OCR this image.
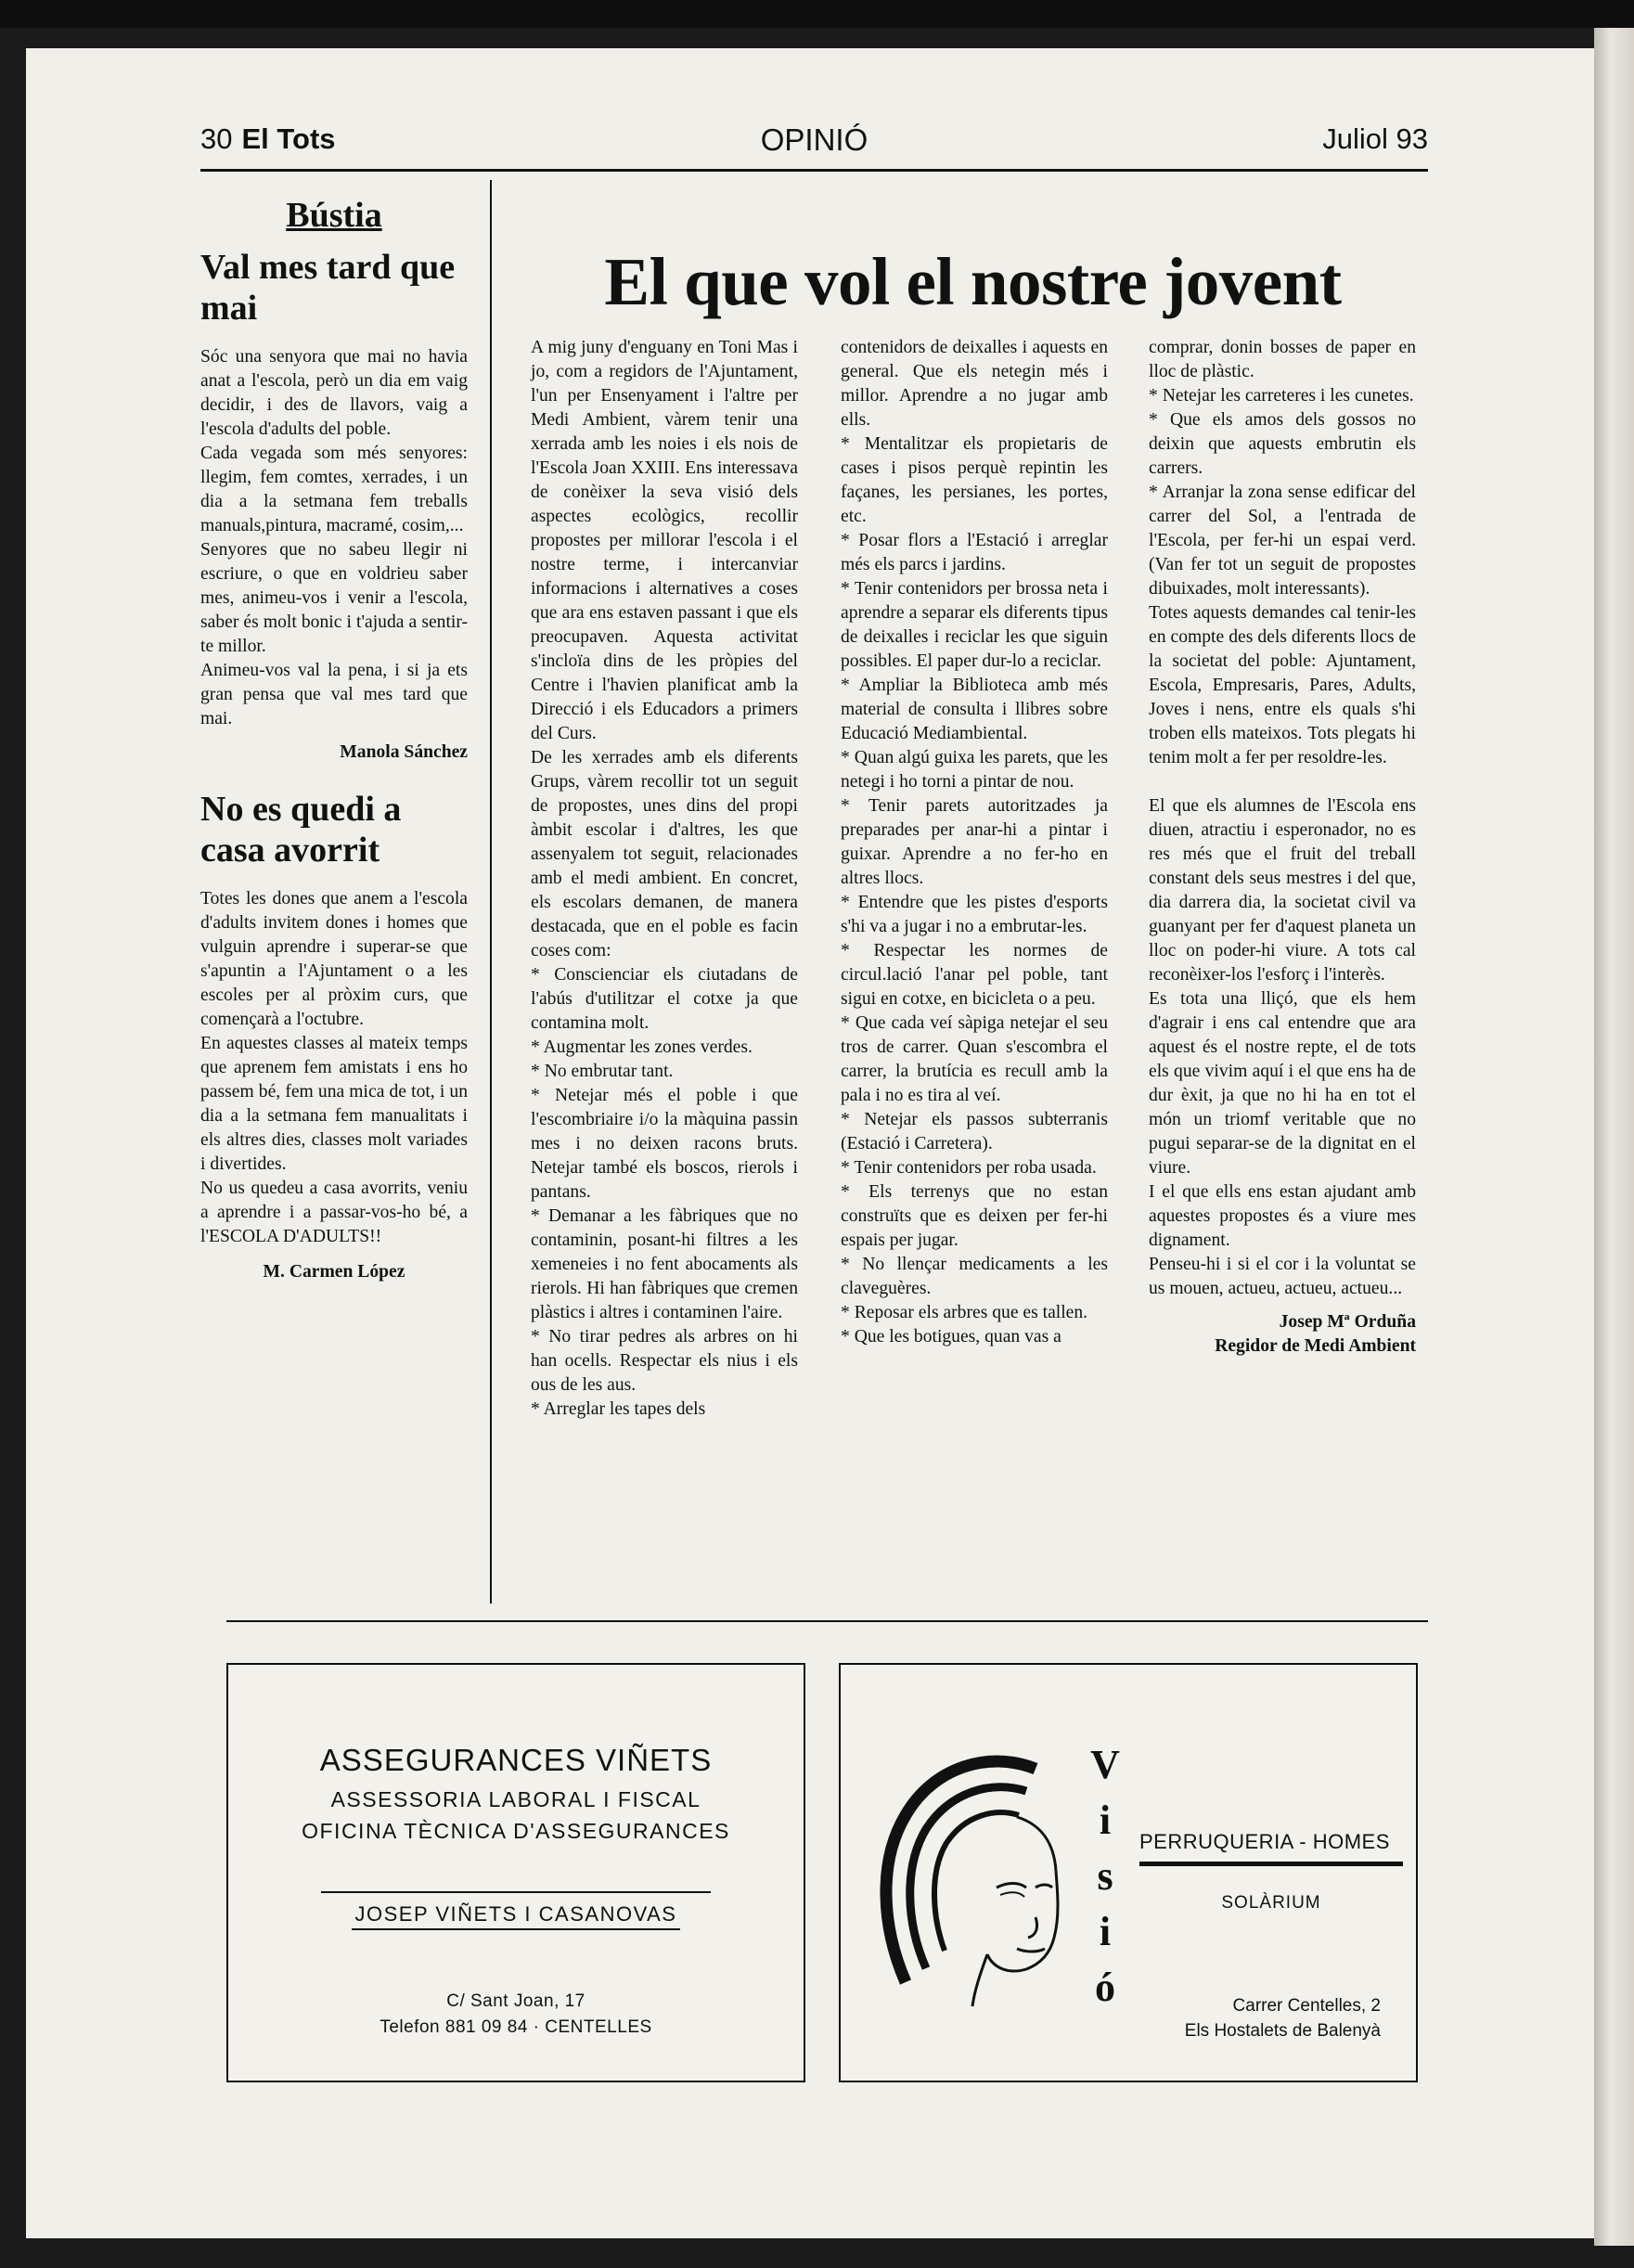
30 El Tots	OPINIÓ	Juliol 93
Bústia
Val mes tard que mai

Sóc una senyora que mai no havia anat a l'escola, però un dia em vaig decidir, i des de llavors, vaig a l'escola d'adults del poble.

Cada vegada som més senyores: llegim, fem comtes, xerrades, i un dia a la setmana fem treballs manuals,pintura, macramé, cosim,...

Senyores que no sabeu llegir ni escriure, o que en voldrieu saber mes, animeu-vos i venir a l'escola, saber és molt bonic i t'ajuda a sentir-te millor.

Animeu-vos val la pena, i si ja ets gran pensa que val mes tard que mai.

Manola Sánchez
No es quedi a casa avorrit

Totes les dones que anem a l'escola d'adults invitem dones i homes que vulguin aprendre i superar-se que s'apuntin a l'Ajuntament o a les escoles per al pròxim curs, que començarà a l'octubre.

En aquestes classes al mateix temps que aprenem fem amistats i ens ho passem bé, fem una mica de tot, i un dia a la setmana fem manualitats i els altres dies, classes molt variades i divertides.

No us quedeu a casa avorrits, veniu a aprendre i a passar-vos-ho bé, a l'ESCOLA D'ADULTS!!

M. Carmen López
El que vol el nostre jovent

A mig juny d'enguany en Toni Mas i jo, com a regidors de l'Ajuntament, l'un per Ensenyament i l'altre per Medi Ambient, vàrem tenir una xerrada amb les noies i els nois de l'Escola Joan XXIII. Ens interessava de conèixer la seva visió dels aspectes ecològics, recollir propostes per millorar l'escola i el nostre terme, i intercanviar informacions i alternatives a coses que ara ens estaven passant i que els preocupaven. Aquesta activitat s'incloïa dins de les pròpies del Centre i l'havien planificat amb la Direcció i els Educadors a primers del Curs.

De les xerrades amb els diferents Grups, vàrem recollir tot un seguit de propostes, unes dins del propi àmbit escolar i d'altres, les que assenyalem tot seguit, relacionades amb el medi ambient. En concret, els escolars demanen, de manera destacada, que en el poble es facin coses com:

* Conscienciar els ciutadans de l'abús d'utilitzar el cotxe ja que contamina molt.

* Augmentar les zones verdes.

* No embrutar tant.

* Netejar més el poble i que l'escombriaire i/o la màquina passin mes i no deixen racons bruts. Netejar també els boscos, rierols i pantans.

* Demanar a les fàbriques que no contaminin, posant-hi filtres a les xemeneies i no fent abocaments als rierols. Hi han fàbriques que cremen plàstics i altres i contaminen l'aire.

* No tirar pedres als arbres on hi han ocells. Respectar els nius i els ous de les aus.

* Arreglar les tapes dels

contenidors de deixalles i aquests en general. Que els netegin més i millor. Aprendre a no jugar amb ells.

* Mentalitzar els propietaris de cases i pisos perquè repintin les façanes, les persianes, les portes, etc.

* Posar flors a l'Estació i arreglar més els parcs i jardins.

* Tenir contenidors per brossa neta i aprendre a separar els diferents tipus de deixalles i reciclar les que siguin possibles. El paper dur-lo a reciclar.

* Ampliar la Biblioteca amb més material de consulta i llibres sobre Educació Mediambiental.

* Quan algú guixa les parets, que les netegi i ho torni a pintar de nou.

* Tenir parets autoritzades ja preparades per anar-hi a pintar i guixar. Aprendre a no fer-ho en altres llocs.

* Entendre que les pistes d'esports s'hi va a jugar i no a embrutar-les.

* Respectar les normes de circul.lació l'anar pel poble, tant sigui en cotxe, en bicicleta o a peu.

* Que cada veí sàpiga netejar el seu tros de carrer. Quan s'escombra el carrer, la brutícia es recull amb la pala i no es tira al veí.

* Netejar els passos subterranis (Estació i Carretera).

* Tenir contenidors per roba usada.

* Els terrenys que no estan construïts que es deixen per fer-hi espais per jugar.

* No llençar medicaments a les claveguères.

* Reposar els arbres que es tallen.

* Que les botigues, quan vas a

comprar, donin bosses de paper en lloc de plàstic.

* Netejar les carreteres i les cunetes.

* Que els amos dels gossos no deixin que aquests embrutin els carrers.

* Arranjar la zona sense edificar del carrer del Sol, a l'entrada de l'Escola, per fer-hi un espai verd. (Van fer tot un seguit de propostes dibuixades, molt interessants).

Totes aquests demandes cal tenir-les en compte des dels diferents llocs de la societat del poble: Ajuntament, Escola, Empresaris, Pares, Adults, Joves i nens, entre els quals s'hi troben ells mateixos. Tots plegats hi tenim molt a fer per resoldre-les.

El que els alumnes de l'Escola ens diuen, atractiu i esperonador, no es res més que el fruit del treball constant dels seus mestres i del que, dia darrera dia, la societat civil va guanyant per fer d'aquest planeta un lloc on poder-hi viure. A tots cal reconèixer-los l'esforç i l'interès.

Es tota una lliçó, que els hem d'agrair i ens cal entendre que ara aquest és el nostre repte, el de tots els que vivim aquí i el que ens ha de dur èxit, ja que no hi ha en tot el món un triomf veritable que no pugui separar-se de la dignitat en el viure.

I el que ells ens estan ajudant amb aquestes propostes és a viure mes dignament.

Penseu-hi i si el cor i la voluntat se us mouen, actueu, actueu, actueu...

Josep Mª Orduña
Regidor de Medi Ambient
ASSEGURANCES VIÑETS
ASSESSORIA LABORAL I FISCAL
OFICINA TÈCNICA D'ASSEGURANCES
JOSEP VIÑETS I CASANOVAS
C/ Sant Joan, 17
Telefon 881 09 84 · CENTELLES
V
i
s
i
ó
PERRUQUERIA - HOMES
SOLÀRIUM
Carrer Centelles, 2
Els Hostalets de Balenyà
